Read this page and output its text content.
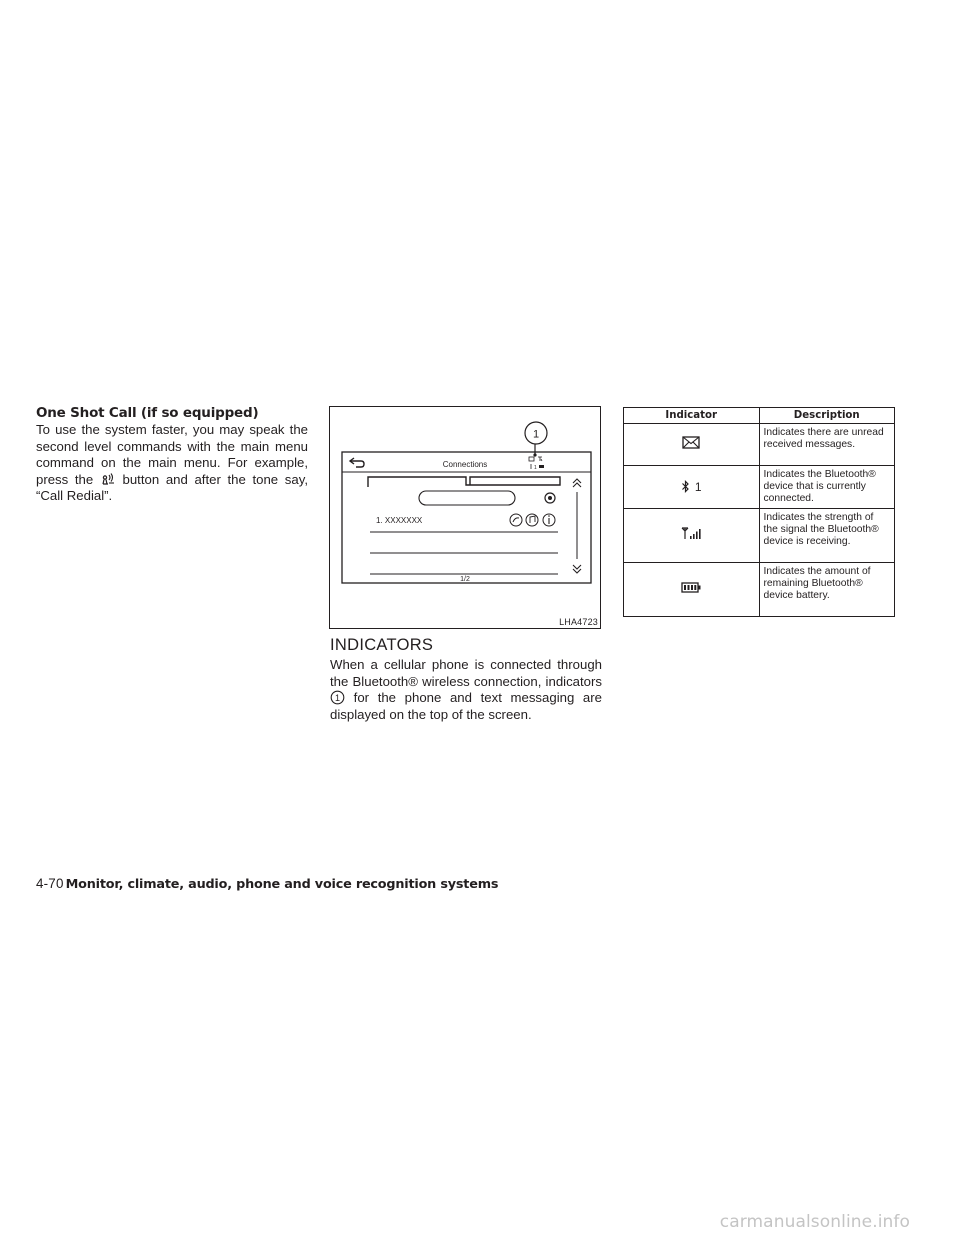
One Shot Call (if so equipped)

To use the system faster, you may speak the second level commands with the main menu command on the main menu. For example, press the button and after the tone say, “Call Redial”.

1
Connections	1
1. XXXXXXX
1/2
LHA4723
INDICATORS

When a cellular phone is connected through the Bluetooth® wireless connection, indicators
1 for the phone and text messaging are displayed on the top of the screen.

Indicator	Description
	Indicates there are unread received messages.
1	Indicates the Bluetooth® device that is currently connected.
	Indicates the strength of the signal the Bluetooth® device is receiving.
	Indicates the amount of remaining Bluetooth® device battery.
4-70 Monitor, climate, audio, phone and voice recognition systems
carmanualsonline.info
